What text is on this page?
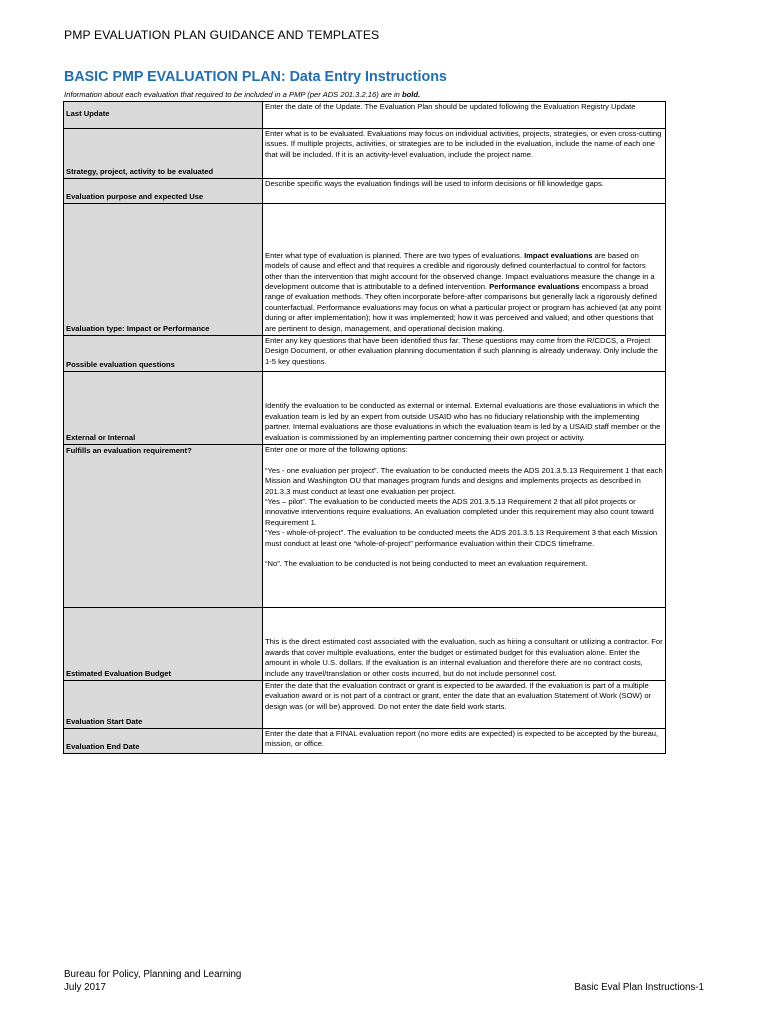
PMP EVALUATION PLAN GUIDANCE AND TEMPLATES
BASIC PMP EVALUATION PLAN: Data Entry Instructions
Information about each evaluation that required to be included in a PMP (per ADS 201.3.2.16) are in bold.
Last Update	Enter the date of the Update. The Evaluation Plan should be updated following the Evaluation Registry Update
Strategy, project, activity to be evaluated	Enter what is to be evaluated. Evaluations may focus on individual activities, projects, strategies, or even cross-cutting issues. If multiple projects, activities, or strategies are to be included in the evaluation, include the name of each one that will be included. If it is an activity-level evaluation, include the project name.
Evaluation purpose and expected Use	Describe specific ways the evaluation findings will be used to inform decisions or fill knowledge gaps.
Evaluation type: Impact or Performance	Enter what type of evaluation is planned. There are two types of evaluations. Impact evaluations are based on models of cause and effect and that requires a credible and rigorously defined counterfactual to control for factors other than the intervention that might account for the observed change. Impact evaluations measure the change in a development outcome that is attributable to a defined intervention. Performance evaluations encompass a broad range of evaluation methods. They often incorporate before-after comparisons but generally lack a rigorously defined counterfactual. Performance evaluations may focus on what a particular project or program has achieved (at any point during or after implementation); how it was implemented; how it was perceived and valued; and other questions that are pertinent to design, management, and operational decision making.
Possible evaluation questions	Enter any key questions that have been identified thus far. These questions may come from the R/CDCS, a Project Design Document, or other evaluation planning documentation if such planning is already underway. Only include the 1-5 key questions.
External or Internal	Identify the evaluation to be conducted as external or internal. External evaluations are those evaluations in which the evaluation team is led by an expert from outside USAID who has no fiduciary relationship with the implementing partner. Internal evaluations are those evaluations in which the evaluation team is led by a USAID staff member or the evaluation is commissioned by an implementing partner concerning their own project or activity.
Fulfills an evaluation requirement?	Enter one or more of the following options:
“Yes - one evaluation per project”. The evaluation to be conducted meets the ADS 201.3.5.13 Requirement 1 that each Mission and Washington OU that manages program funds and designs and implements projects as described in 201.3.3 must conduct at least one evaluation per project.
“Yes – pilot”. The evaluation to be conducted meets the ADS 201.3.5.13 Requirement 2 that all pilot projects or innovative interventions require evaluations. An evaluation completed under this requirement may also count toward Requirement 1.
“Yes - whole-of-project”. The evaluation to be conducted meets the ADS 201.3.5.13 Requirement 3 that each Mission must conduct at least one “whole-of-project” performance evaluation within their CDCS timeframe.
“No”. The evaluation to be conducted is not being conducted to meet an evaluation requirement.

Estimated Evaluation Budget	This is the direct estimated cost associated with the evaluation, such as hiring a consultant or utilizing a contractor. For awards that cover multiple evaluations, enter the budget or estimated budget for this evaluation alone. Enter the amount in whole U.S. dollars. If the evaluation is an internal evaluation and therefore there are no contract costs, include any travel/translation or other costs incurred, but do not include personnel cost.
Evaluation Start Date	Enter the date that the evaluation contract or grant is expected to be awarded. If the evaluation is part of a multiple evaluation award or is not part of a contract or grant, enter the date that an evaluation Statement of Work (SOW) or design was (or will be) approved. Do not enter the date field work starts.
Evaluation End Date	Enter the date that a FINAL evaluation report (no more edits are expected) is expected to be accepted by the bureau, mission, or office.
Bureau for Policy, Planning and Learning
July 2017	Basic Eval Plan Instructions-1
